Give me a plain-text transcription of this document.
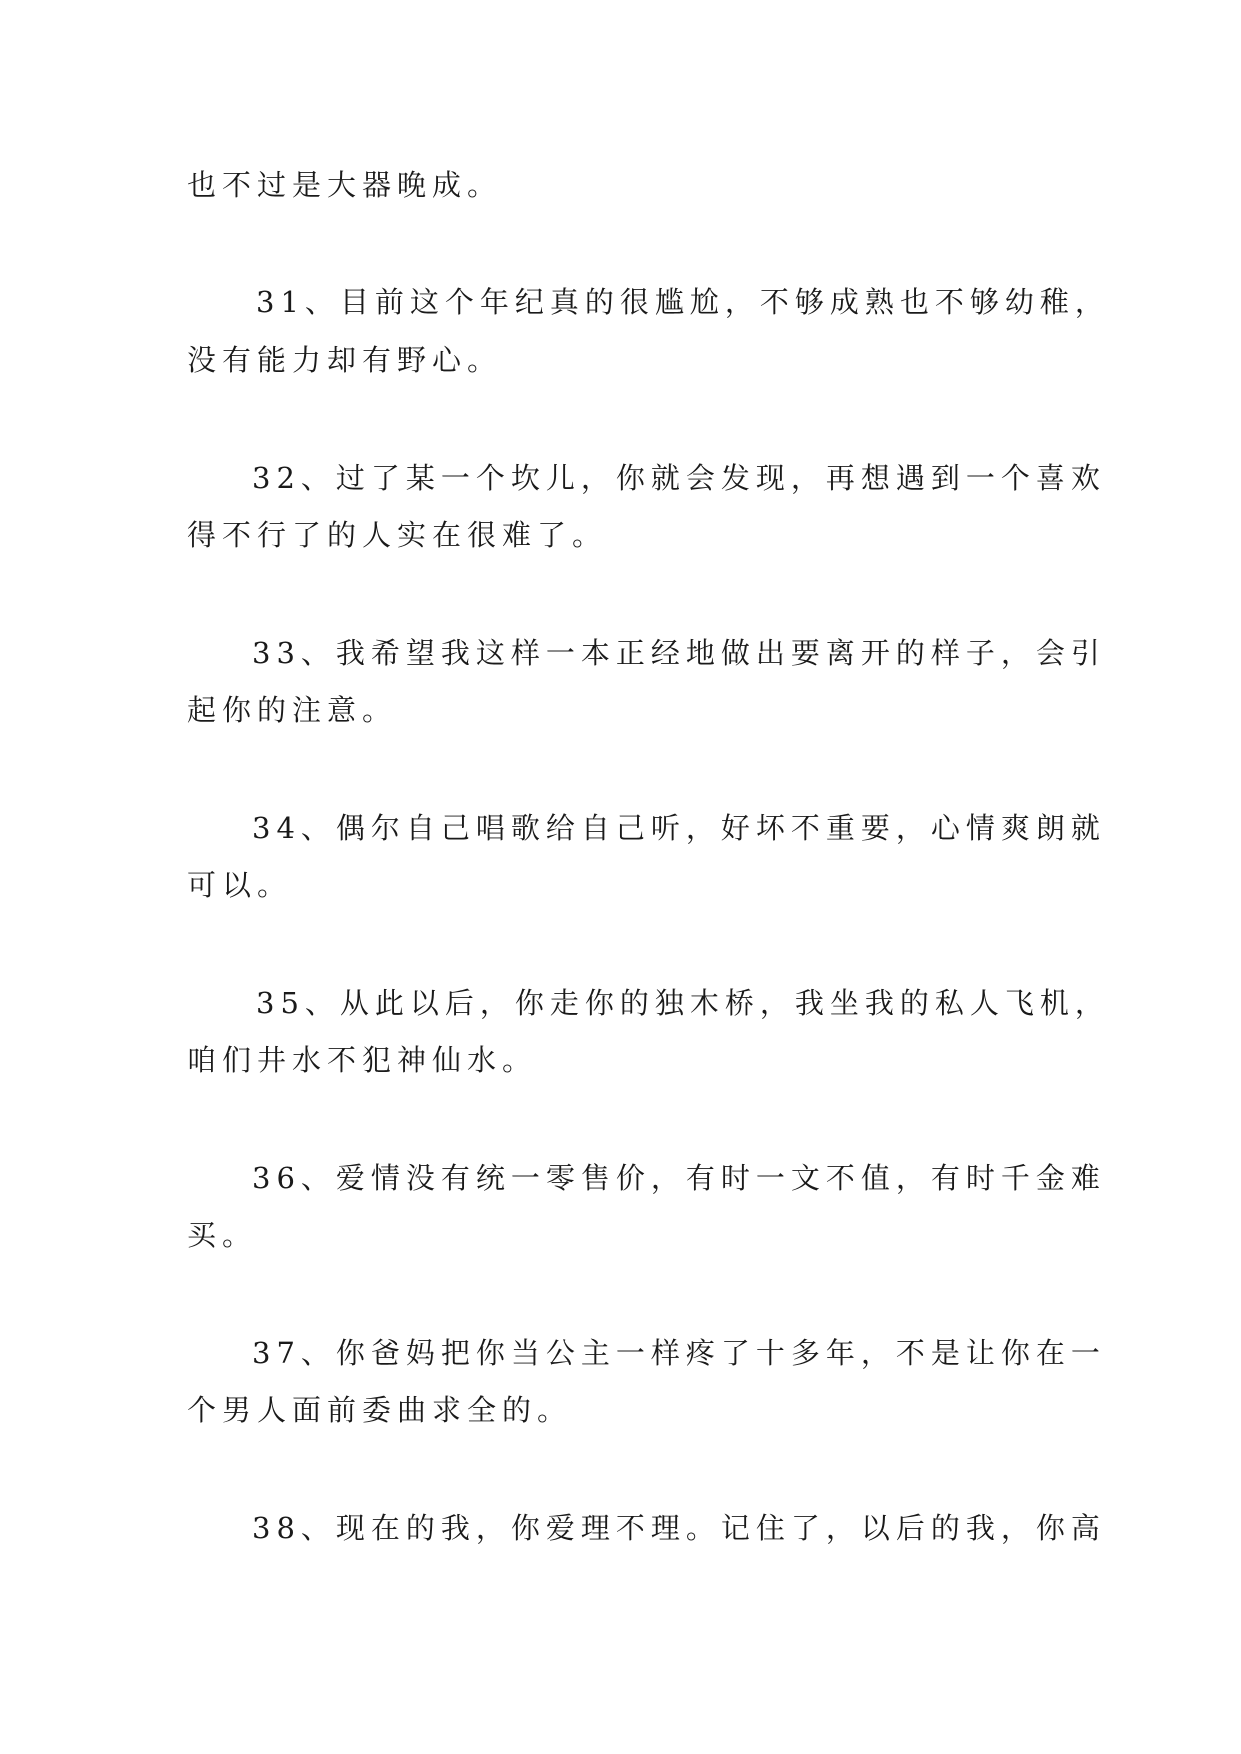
也不过是大器晚成。

31、目前这个年纪真的很尴尬，不够成熟也不够幼稚，

没有能力却有野心。

32、过了某一个坎儿，你就会发现，再想遇到一个喜欢

得不行了的人实在很难了。

33、我希望我这样一本正经地做出要离开的样子，会引

起你的注意。

34、偶尔自己唱歌给自己听，好坏不重要，心情爽朗就

可以。

35、从此以后，你走你的独木桥，我坐我的私人飞机，

咱们井水不犯神仙水。

36、爱情没有统一零售价，有时一文不值，有时千金难

买。

37、你爸妈把你当公主一样疼了十多年，不是让你在一

个男人面前委曲求全的。

38、现在的我，你爱理不理。记住了，以后的我，你高
